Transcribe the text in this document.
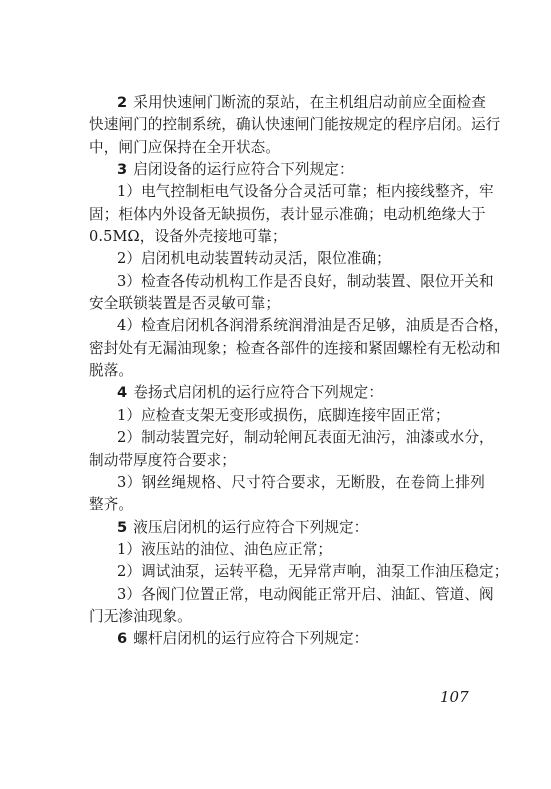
2 采用快速闸门断流的泵站，在主机组启动前应全面检查
快速闸门的控制系统，确认快速闸门能按规定的程序启闭。运行
中，闸门应保持在全开状态。
3 启闭设备的运行应符合下列规定：
1）电气控制柜电气设备分合灵活可靠；柜内接线整齐，牢
固；柜体内外设备无缺损伤，表计显示准确；电动机绝缘大于
0.5MΩ，设备外壳接地可靠；
2）启闭机电动装置转动灵活，限位准确；
3）检查各传动机构工作是否良好，制动装置、限位开关和
安全联锁装置是否灵敏可靠；
4）检查启闭机各润滑系统润滑油是否足够，油质是否合格，
密封处有无漏油现象；检查各部件的连接和紧固螺栓有无松动和
脱落。
4 卷扬式启闭机的运行应符合下列规定：
1）应检查支架无变形或损伤，底脚连接牢固正常；
2）制动装置完好，制动轮闸瓦表面无油污，油漆或水分，
制动带厚度符合要求；
3）钢丝绳规格、尺寸符合要求，无断股，在卷筒上排列
整齐。
5 液压启闭机的运行应符合下列规定：
1）液压站的油位、油色应正常；
2）调试油泵，运转平稳，无异常声响，油泵工作油压稳定；
3）各阀门位置正常，电动阀能正常开启、油缸、管道、阀
门无渗油现象。
6 螺杆启闭机的运行应符合下列规定：
107
